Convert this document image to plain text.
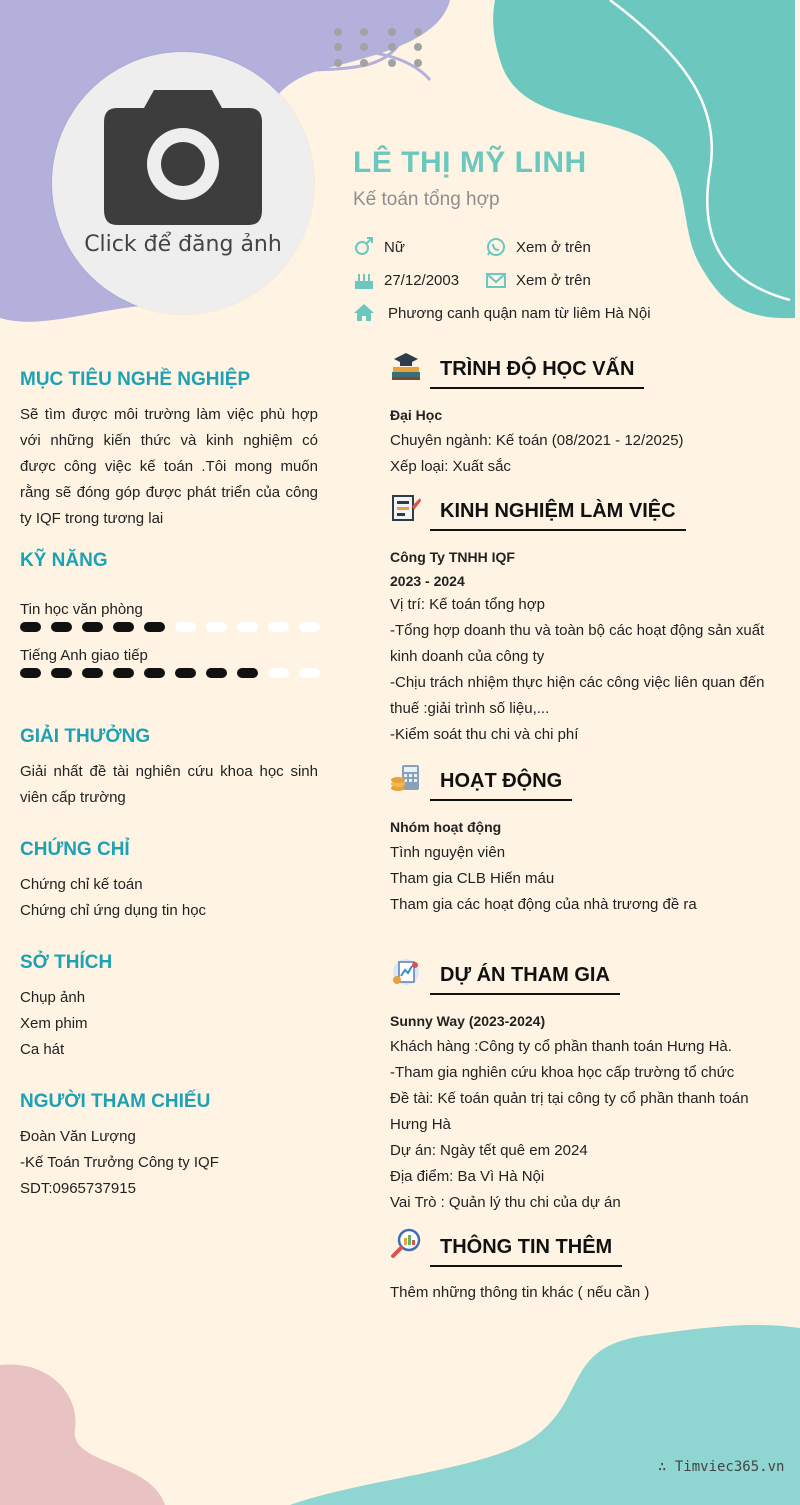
Click để đăng ảnh
LÊ THỊ MỸ LINH
Kế toán tổng hợp
Nữ	Xem ở trên
27/12/2003	Xem ở trên
Phương canh quận nam từ liêm Hà Nội
MỤC TIÊU NGHỀ NGHIỆP
Sẽ tìm được môi trường làm việc phù hợp với những kiến thức và kinh nghiệm có được công việc kế toán .Tôi mong muốn rằng sẽ đóng góp được phát triển của công ty IQF trong tương lai
KỸ NĂNG
Tin học văn phòng
Tiếng Anh giao tiếp
GIẢI THƯỞNG
Giải nhất đề tài nghiên cứu khoa học sinh viên cấp trường
CHỨNG CHỈ
Chứng chỉ kế toán
Chứng chỉ ứng dụng tin học
SỞ THÍCH
Chụp ảnh
Xem phim
Ca hát
NGƯỜI THAM CHIẾU
Đoàn Văn Lượng
-Kế Toán Trưởng Công ty IQF
SDT:0965737915
TRÌNH ĐỘ HỌC VẤN
Đại Học
Chuyên ngành: Kế toán (08/2021 - 12/2025)
Xếp loại: Xuất sắc
KINH NGHIỆM LÀM VIỆC
Công Ty TNHH IQF
2023 - 2024
Vị trí: Kế toán tổng hợp
-Tổng hợp doanh thu và toàn bộ các hoạt động sản xuất kinh doanh của công ty
-Chịu trách nhiệm thực hiện các công việc liên quan đến thuế :giải trình số liệu,...
-Kiểm soát thu chi và chi phí
HOẠT ĐỘNG
Nhóm hoạt động
Tình nguyện viên
Tham gia CLB Hiến máu
Tham gia các hoạt động của nhà trương đề ra
DỰ ÁN THAM GIA
Sunny Way (2023-2024)
Khách hàng :Công ty cổ phần thanh toán Hưng Hà.
-Tham gia nghiên cứu khoa học cấp trường tổ chức
Đề tài: Kế toán quản trị tại công ty cổ phần thanh toán Hưng Hà
Dự án: Ngày tết quê em 2024
Địa điểm: Ba Vì Hà Nội
Vai Trò : Quản lý thu chi của dự án
THÔNG TIN THÊM
Thêm những thông tin khác ( nếu cần )
∴ Timviec365.vn
